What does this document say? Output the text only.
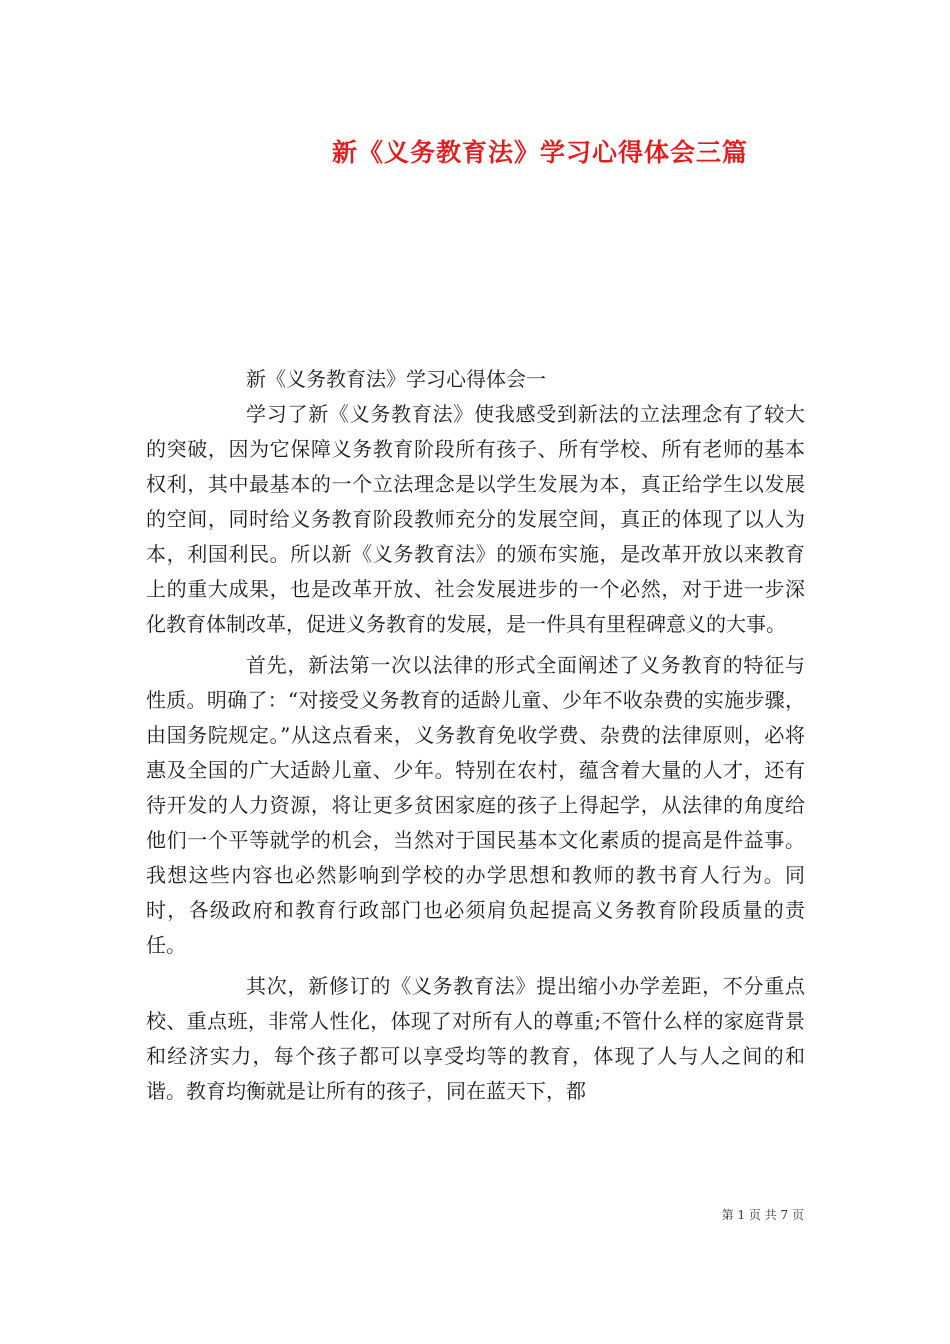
新《义务教育法》学习心得体会三篇
新《义务教育法》学习心得体会一

学习了新《义务教育法》使我感受到新法的立法理念有了较大的突破，因为它保障义务教育阶段所有孩子、所有学校、所有老师的基本权利，其中最基本的一个立法理念是以学生发展为本，真正给学生以发展的空间，同时给义务教育阶段教师充分的发展空间，真正的体现了以人为本，利国利民。所以新《义务教育法》的颁布实施，是改革开放以来教育上的重大成果，也是改革开放、社会发展进步的一个必然，对于进一步深化教育体制改革，促进义务教育的发展，是一件具有里程碑意义的大事。

首先，新法第一次以法律的形式全面阐述了义务教育的特征与性质。明确了：“对接受义务教育的适龄儿童、少年不收杂费的实施步骤，由国务院规定。”从这点看来，义务教育免收学费、杂费的法律原则，必将惠及全国的广大适龄儿童、少年。特别在农村，蕴含着大量的人才，还有待开发的人力资源，将让更多贫困家庭的孩子上得起学，从法律的角度给他们一个平等就学的机会，当然对于国民基本文化素质的提高是件益事。我想这些内容也必然影响到学校的办学思想和教师的教书育人行为。同时，各级政府和教育行政部门也必须肩负起提高义务教育阶段质量的责任。

其次，新修订的《义务教育法》提出缩小办学差距，不分重点校、重点班，非常人性化，体现了对所有人的尊重;不管什么样的家庭背景和经济实力，每个孩子都可以享受均等的教育，体现了人与人之间的和谐。教育均衡就是让所有的孩子，同在蓝天下，都

第 1 页 共 7 页
